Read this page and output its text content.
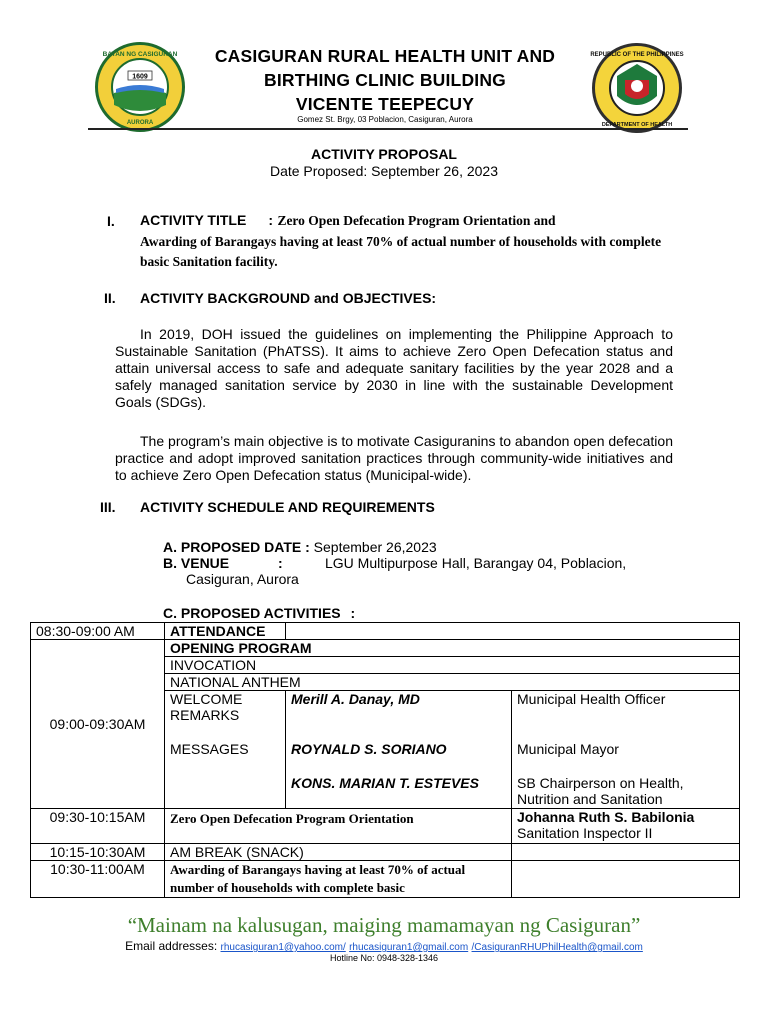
1609
BAYAN NG CASIGURAN
AURORA
CASIGURAN RURAL HEALTH UNIT AND
BIRTHING CLINIC BUILDING
VICENTE TEEPECUY
Gomez St. Brgy, 03 Poblacion, Casiguran, Aurora
REPUBLIC OF THE PHILIPPINES
DEPARTMENT OF HEALTH
ACTIVITY PROPOSAL
Date Proposed: September 26, 2023
I. ACTIVITY TITLE : Zero Open Defecation Program Orientation and
Awarding of Barangays having at least 70% of actual number of households with complete basic Sanitation facility.
II. ACTIVITY BACKGROUND and OBJECTIVES:
In 2019, DOH issued the guidelines on implementing the Philippine Approach to Sustainable Sanitation (PhATSS). It aims to achieve Zero Open Defecation status and attain universal access to safe and adequate sanitary facilities by the year 2028 and a safely managed sanitation service by 2030 in line with the sustainable Development Goals (SDGs).
The program’s main objective is to motivate Casiguranins to abandon open defecation practice and adopt improved sanitation practices through community-wide initiatives and to achieve Zero Open Defecation status (Municipal-wide).
III. ACTIVITY SCHEDULE AND REQUIREMENTS
A. PROPOSED DATE : September 26,2023
B. VENUE	:	LGU Multipurpose Hall, Barangay 04, Poblacion,
Casiguran, Aurora
C. PROPOSED ACTIVITIES :
08:30-09:00 AM	ATTENDANCE		
09:00-09:30AM	OPENING PROGRAM		
	INVOCATION		
	NATIONAL ANTHEM		
	WELCOME REMARKS	Merill A. Danay, MD	Municipal Health Officer
	MESSAGES	ROYNALD S. SORIANO	Municipal Mayor
		KONS. MARIAN T. ESTEVES	SB Chairperson on Health, Nutrition and Sanitation
09:30-10:15AM	Zero Open Defecation Program Orientation		Johanna Ruth S. Babilonia
Sanitation Inspector II

10:15-10:30AM	AM BREAK (SNACK)		
10:30-11:00AM	Awarding of Barangays having at least 70% of actual number of households with complete basic		
“Mainam na kalusugan, maiging mamamayan ng Casiguran”
Email addresses: rhucasiguran1@yahoo.com/ rhucasiguran1@gmail.com /CasiguranRHUPhilHealth@gmail.com
Hotline No: 0948-328-1346
